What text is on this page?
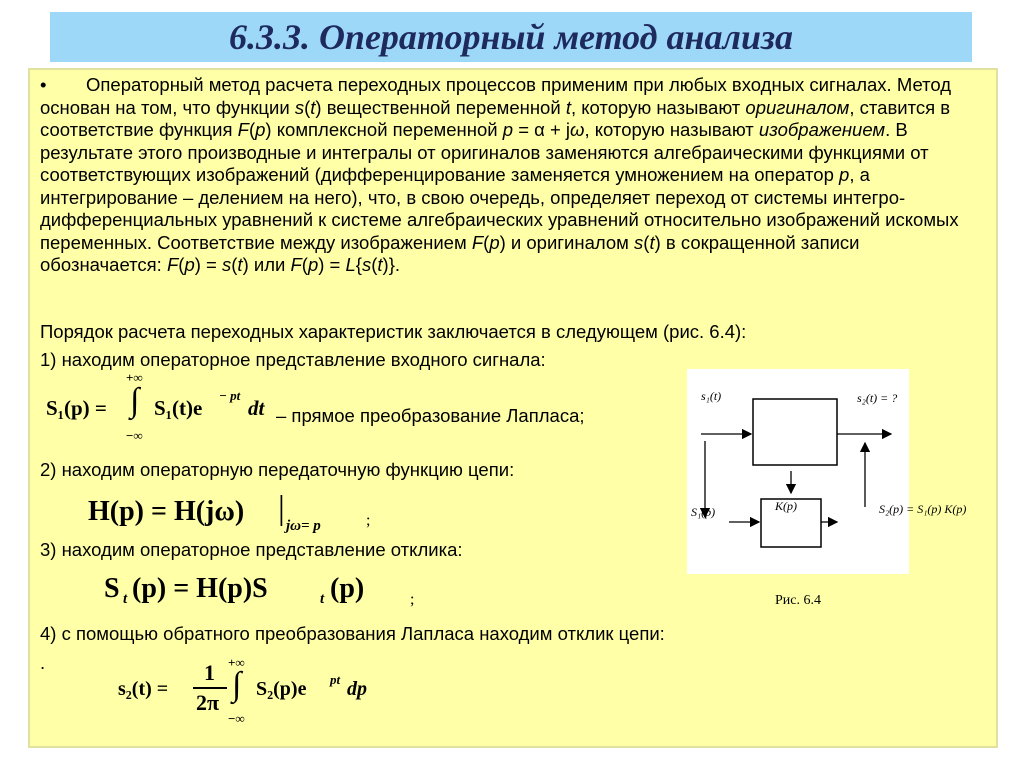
6.3.3. Операторный метод анализа
• Операторный метод расчета переходных процессов применим при любых входных сигналах. Метод основан на том, что функции s(t) вещественной переменной t, которую называют оригиналом, ставится в соответствие функция F(p) комплексной переменной p = α + jω, которую называют изображением. В результате этого производные и интегралы от оригиналов заменяются алгебраическими функциями от соответствующих изображений (дифференцирование заменяется умножением на оператор p, а интегрирование – делением на него), что, в свою очередь, определяет переход от системы интегро-дифференциальных уравнений к системе алгебраических уравнений относительно изображений искомых переменных. Соответствие между изображением F(p) и оригиналом s(t) в сокращенной записи обозначается: F(p) = s(t) или F(p) = L{s(t)}.
Порядок расчета переходных характеристик заключается в следующем (рис. 6.4):
1) находим операторное представление входного сигнала:
2) находим операторную передаточную функцию цепи:
3) находим операторное представление отклика:
4) с помощью обратного преобразования Лапласа находим отклик цепи:
.
S₁(p) =
+∞
∫
−∞
S₁(t)e
− pt
dt – прямое преобразование Лапласа;
H(p) = H(jω) | jω= p	;
S t (p) = H(p)S	t (p)	;
s₂(t) =
1
2π
+∞
∫
−∞
S₂(p)e pt dp
s₁(t)	s₂(t) = ?
S₁(p)	K(p)	S₂(p) = S₁(p) K(p)
Рис. 6.4
